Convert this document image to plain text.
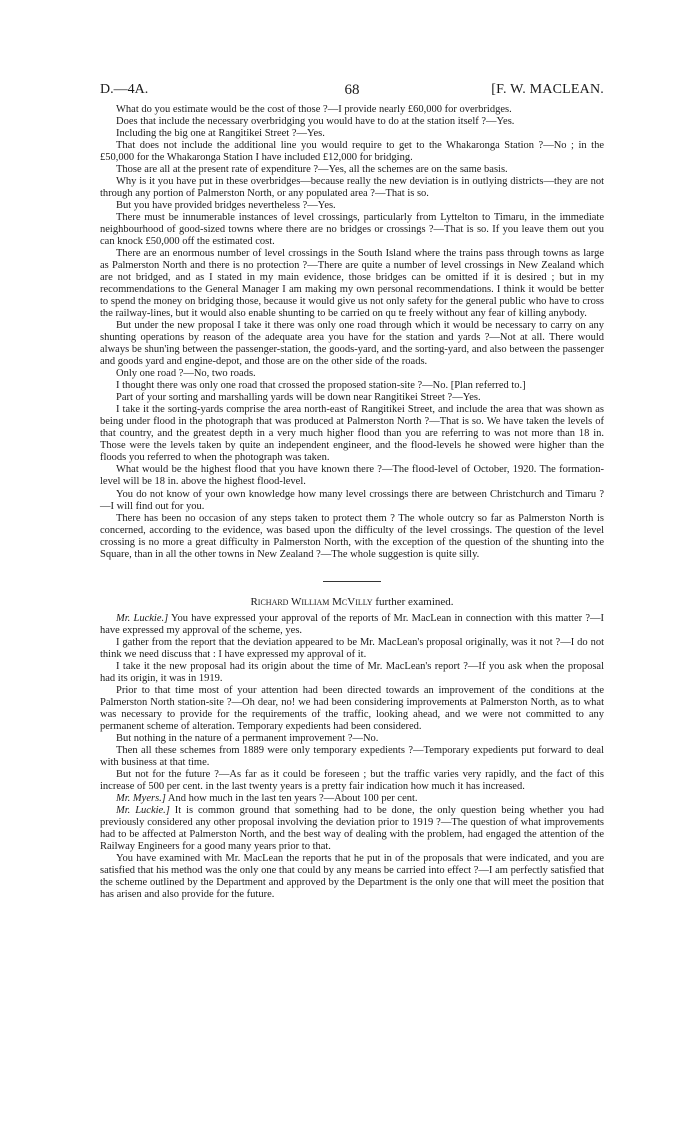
D.—4A.	68	[F. W. MACLEAN.

What do you estimate would be the cost of those ?—I provide nearly £60,000 for overbridges.

Does that include the necessary overbridging you would have to do at the station itself ?—Yes.

Including the big one at Rangitikei Street ?—Yes.

That does not include the additional line you would require to get to the Whakaronga Station ?—No ; in the £50,000 for the Whakaronga Station I have included £12,000 for bridging.

Those are all at the present rate of expenditure ?—Yes, all the schemes are on the same basis.

Why is it you have put in these overbridges—because really the new deviation is in outlying districts—they are not through any portion of Palmerston North, or any populated area ?—That is so.

But you have provided bridges nevertheless ?—Yes.

There must be innumerable instances of level crossings, particularly from Lyttelton to Timaru, in the immediate neighbourhood of good-sized towns where there are no bridges or crossings ?—That is so. If you leave them out you can knock £50,000 off the estimated cost.

There are an enormous number of level crossings in the South Island where the trains pass through towns as large as Palmerston North and there is no protection ?—There are quite a number of level crossings in New Zealand which are not bridged, and as I stated in my main evidence, those bridges can be omitted if it is desired ; but in my recommendations to the General Manager I am making my own personal recommendations. I think it would be better to spend the money on bridging those, because it would give us not only safety for the general public who have to cross the railway-lines, but it would also enable shunting to be carried on qu te freely without any fear of killing anybody.

But under the new proposal I take it there was only one road through which it would be necessary to carry on any shunting operations by reason of the adequate area you have for the station and yards ?—Not at all. There would always be shun'ing between the passenger-station, the goods-yard, and the sorting-yard, and also between the passenger and goods yard and engine-depot, and those are on the other side of the roads.

Only one road ?—No, two roads.

I thought there was only one road that crossed the proposed station-site ?—No. [Plan referred to.]

Part of your sorting and marshalling yards will be down near Rangitikei Street ?—Yes.

I take it the sorting-yards comprise the area north-east of Rangitikei Street, and include the area that was shown as being under flood in the photograph that was produced at Palmerston North ?—That is so. We have taken the levels of that country, and the greatest depth in a very much higher flood than you are referring to was not more than 18 in. Those were the levels taken by quite an independent engineer, and the flood-levels he showed were higher than the floods you referred to when the photograph was taken.

What would be the highest flood that you have known there ?—The flood-level of October, 1920. The formation-level will be 18 in. above the highest flood-level.

You do not know of your own knowledge how many level crossings there are between Christchurch and Timaru ?—I will find out for you.

There has been no occasion of any steps taken to protect them ? The whole outcry so far as Palmerston North is concerned, according to the evidence, was based upon the difficulty of the level crossings. The question of the level crossing is no more a great difficulty in Palmerston North, with the exception of the question of the shunting into the Square, than in all the other towns in New Zealand ?—The whole suggestion is quite silly.

Richard William McVilly further examined.

Mr. Luckie.] You have expressed your approval of the reports of Mr. MacLean in connection with this matter ?—I have expressed my approval of the scheme, yes.

I gather from the report that the deviation appeared to be Mr. MacLean's proposal originally, was it not ?—I do not think we need discuss that : I have expressed my approval of it.

I take it the new proposal had its origin about the time of Mr. MacLean's report ?—If you ask when the proposal had its origin, it was in 1919.

Prior to that time most of your attention had been directed towards an improvement of the conditions at the Palmerston North station-site ?—Oh dear, no! we had been considering improvements at Palmerston North, as to what was necessary to provide for the requirements of the traffic, looking ahead, and we were not committed to any permanent scheme of alteration. Temporary expedients had been considered.

But nothing in the nature of a permanent improvement ?—No.

Then all these schemes from 1889 were only temporary expedients ?—Temporary expedients put forward to deal with business at that time.

But not for the future ?—As far as it could be foreseen ; but the traffic varies very rapidly, and the fact of this increase of 500 per cent. in the last twenty years is a pretty fair indication how much it has increased.

Mr. Myers.] And how much in the last ten years ?—About 100 per cent.

Mr. Luckie.] It is common ground that something had to be done, the only question being whether you had previously considered any other proposal involving the deviation prior to 1919 ?—The question of what improvements had to be affected at Palmerston North, and the best way of dealing with the problem, had engaged the attention of the Railway Engineers for a good many years prior to that.

You have examined with Mr. MacLean the reports that he put in of the proposals that were indicated, and you are satisfied that his method was the only one that could by any means be carried into effect ?—I am perfectly satisfied that the scheme outlined by the Department and approved by the Department is the only one that will meet the position that has arisen and also provide for the future.
